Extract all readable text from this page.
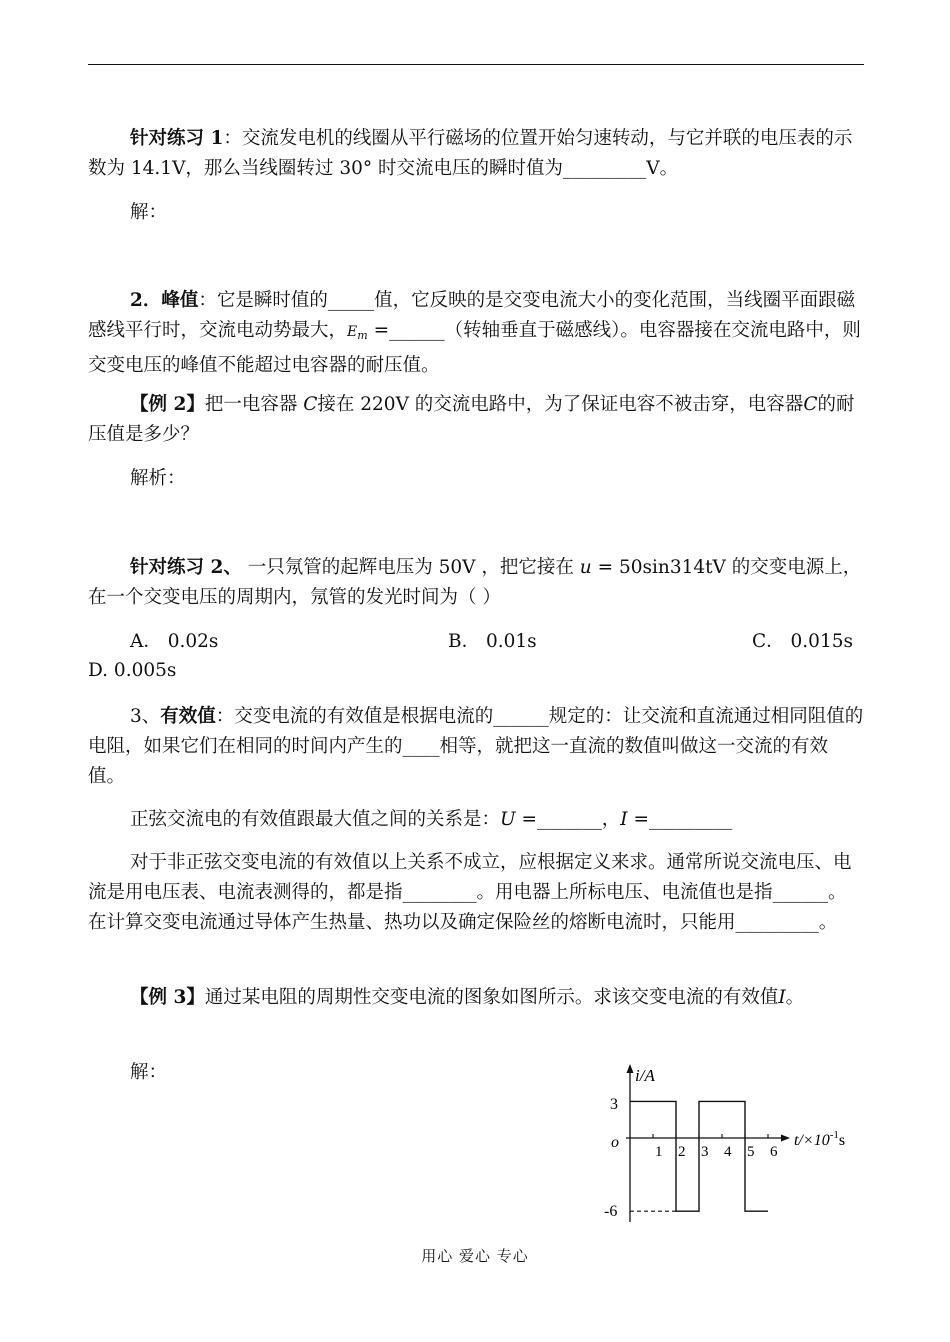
针对练习 1：交流发电机的线圈从平行磁场的位置开始匀速转动，与它并联的电压表的示数为 14.1V，那么当线圈转过 30° 时交流电压的瞬时值为_________V。

解：

2．峰值：它是瞬时值的_____值，它反映的是交变电流大小的变化范围，当线圈平面跟磁感线平行时，交流电动势最大，$E_m$ =______（转轴垂直于磁感线）。电容器接在交流电路中，则交变电压的峰值不能超过电容器的耐压值。

【例 2】把一电容器 C接在 220V 的交流电路中，为了保证电容不被击穿，电容器C的耐压值是多少？

解析：

针对练习 2、 一只氖管的起辉电压为 50V ，把它接在 u = 50sin314tV 的交变电源上，在一个交变电压的周期内，氖管的发光时间为（ ）

A． 0.02s	B． 0.01s	C． 0.015s
D. 0.005s

3、有效值：交变电流的有效值是根据电流的______规定的：让交流和直流通过相同阻值的电阻，如果它们在相同的时间内产生的____相等，就把这一直流的数值叫做这一交流的有效值。

正弦交流电的有效值跟最大值之间的关系是：U =_______，I =_________

对于非正弦交变电流的有效值以上关系不成立，应根据定义来求。通常所说交流电压、电流是用电压表、电流表测得的，都是指________。用电器上所标电压、电流值也是指______。在计算交变电流通过导体产生热量、热功以及确定保险丝的熔断电流时，只能用_________。

【例 3】通过某电阻的周期性交变电流的图象如图所示。求该交变电流的有效值I。

解：

1 2 3 4 5 6
i/A
o
3
-6
$t/\times 10^{-1}s$
用心 爱心 专心
